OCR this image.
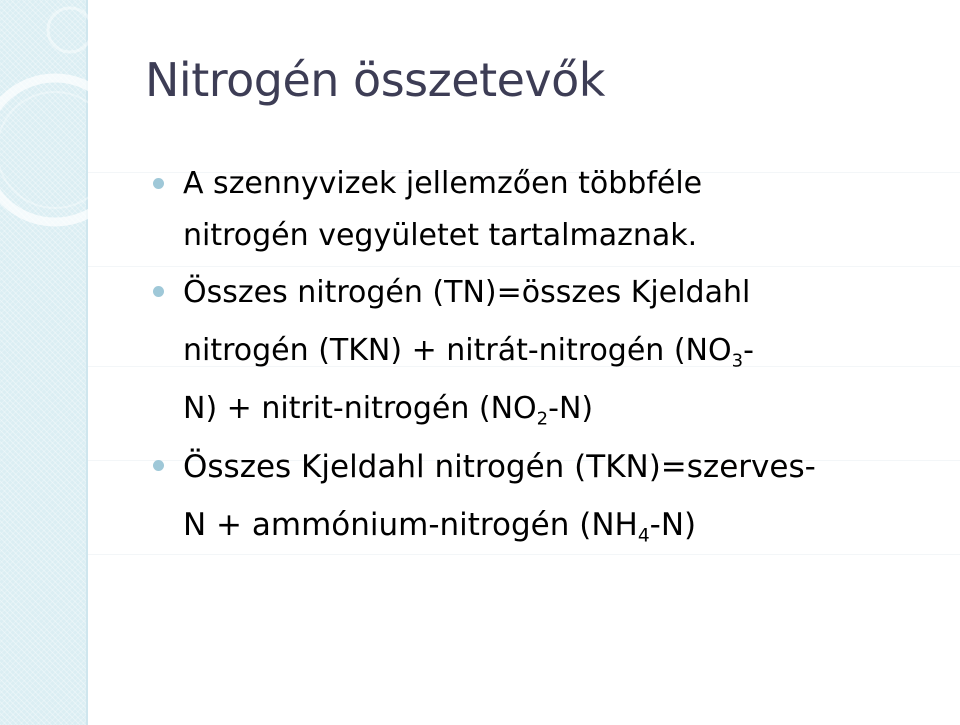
Nitrogén összetevők
A szennyvizek jellemzően többféle
nitrogén vegyületet tartalmaznak.
Összes nitrogén (TN)=összes Kjeldahl
nitrogén (TKN) + nitrát-nitrogén ($NO_3-$
N) + nitrit-nitrogén $(NO_2-N)$
Összes Kjeldahl nitrogén (TKN)=szerves-
N + ammónium-nitrogén $(NH_4-N)$
